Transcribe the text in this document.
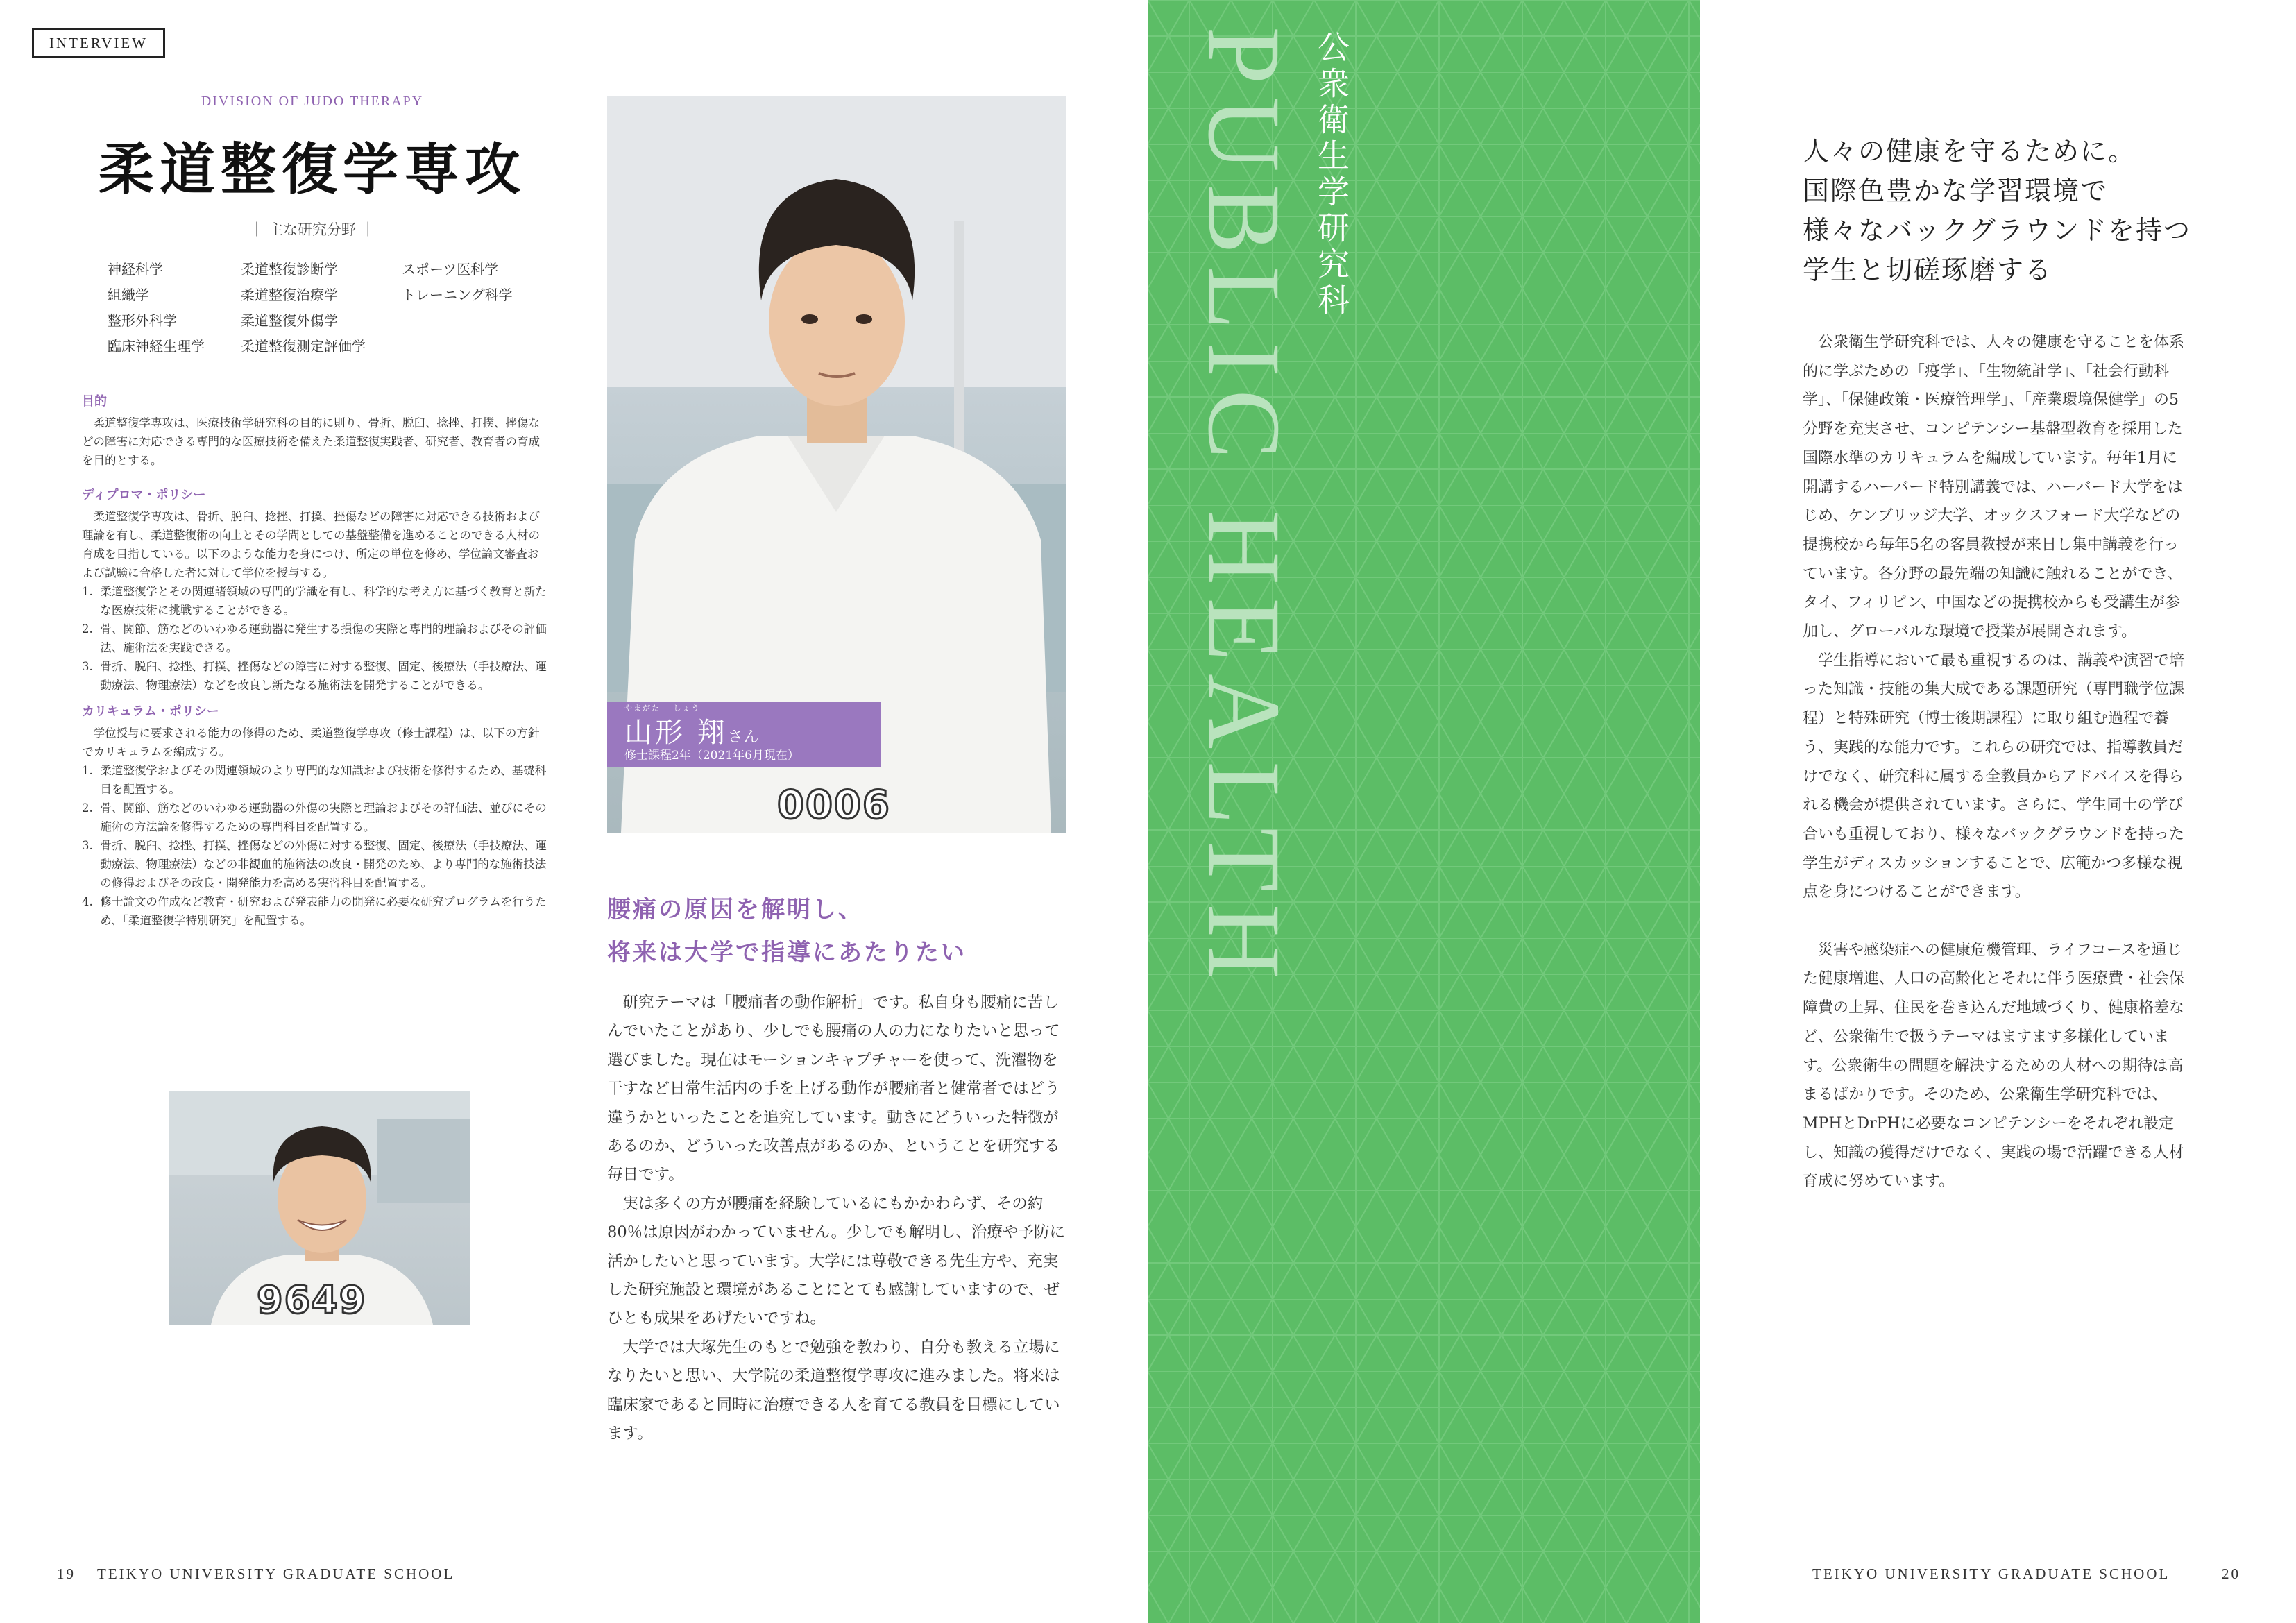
INTERVIEW
DIVISION OF JUDO THERAPY
柔道整復学専攻
｜ 主な研究分野 ｜
神経科学	柔道整復診断学	スポーツ医科学
組織学	柔道整復治療学	トレーニング科学
整形外科学	柔道整復外傷学
臨床神経生理学	柔道整復測定評価学
目的

柔道整復学専攻は、医療技術学研究科の目的に則り、骨折、脱臼、捻挫、打撲、挫傷などの障害に対応できる専門的な医療技術を備えた柔道整復実践者、研究者、教育者の育成を目的とする。

ディプロマ・ポリシー

柔道整復学専攻は、骨折、脱臼、捻挫、打撲、挫傷などの障害に対応できる技術および理論を有し、柔道整復術の向上とその学問としての基盤整備を進めることのできる人材の育成を目指している。以下のような能力を身につけ、所定の単位を修め、学位論文審査および試験に合格した者に対して学位を授与する。

1. 柔道整復学とその関連諸領域の専門的学識を有し、科学的な考え方に基づく教育と新たな医療技術に挑戦することができる。
2. 骨、関節、筋などのいわゆる運動器に発生する損傷の実際と専門的理論およびその評価法、施術法を実践できる。
3. 骨折、脱臼、捻挫、打撲、挫傷などの障害に対する整復、固定、後療法（手技療法、運動療法、物理療法）などを改良し新たなる施術法を開発することができる。
カリキュラム・ポリシー

学位授与に要求される能力の修得のため、柔道整復学専攻（修士課程）は、以下の方針でカリキュラムを編成する。

1. 柔道整復学およびその関連領域のより専門的な知識および技術を修得するため、基礎科目を配置する。
2. 骨、関節、筋などのいわゆる運動器の外傷の実際と理論およびその評価法、並びにその施術の方法論を修得するための専門科目を配置する。
3. 骨折、脱臼、捻挫、打撲、挫傷などの外傷に対する整復、固定、後療法（手技療法、運動療法、物理療法）などの非観血的施術法の改良・開発のため、より専門的な施術技法の修得およびその改良・開発能力を高める実習科目を配置する。
4. 修士論文の作成など教育・研究および発表能力の開発に必要な研究プログラムを行うため、「柔道整復学特別研究」を配置する。
9649
やまがた　 しょう
山形 翔さん
修士課程2年（2021年6月現在）
0006
腰痛の原因を解明し、
将来は大学で指導にあたりたい

研究テーマは「腰痛者の動作解析」です。私自身も腰痛に苦しんでいたことがあり、少しでも腰痛の人の力になりたいと思って選びました。現在はモーションキャプチャーを使って、洗濯物を干すなど日常生活内の手を上げる動作が腰痛者と健常者ではどう違うかといったことを追究しています。動きにどういった特徴があるのか、どういった改善点があるのか、ということを研究する毎日です。

実は多くの方が腰痛を経験しているにもかかわらず、その約80％は原因がわかっていません。少しでも解明し、治療や予防に活かしたいと思っています。大学には尊敬できる先生方や、充実した研究施設と環境があることにとても感謝していますので、ぜひとも成果をあげたいですね。

大学では大塚先生のもとで勉強を教わり、自分も教える立場になりたいと思い、大学院の柔道整復学専攻に進みました。将来は臨床家であると同時に治療できる人を育てる教員を目標にしています。

19 TEIKYO UNIVERSITY GRADUATE SCHOOL
PUBLIC HEALTH 公衆衛生学研究科	人々の健康を守るために。
国際色豊かな学習環境で
様々なバックグラウンドを持つ
学生と切磋琢磨する

公衆衛生学研究科では、人々の健康を守ることを体系的に学ぶための「疫学」、「生物統計学」、「社会行動科学」、「保健政策・医療管理学」、「産業環境保健学」の5分野を充実させ、コンピテンシー基盤型教育を採用した国際水準のカリキュラムを編成しています。毎年1月に開講するハーバード特別講義では、ハーバード大学をはじめ、ケンブリッジ大学、オックスフォード大学などの提携校から毎年5名の客員教授が来日し集中講義を行っています。各分野の最先端の知識に触れることができ、タイ、フィリピン、中国などの提携校からも受講生が参加し、グローバルな環境で授業が展開されます。

学生指導において最も重視するのは、講義や演習で培った知識・技能の集大成である課題研究（専門職学位課程）と特殊研究（博士後期課程）に取り組む過程で養う、実践的な能力です。これらの研究では、指導教員だけでなく、研究科に属する全教員からアドバイスを得られる機会が提供されています。さらに、学生同士の学び合いも重視しており、様々なバックグラウンドを持った学生がディスカッションすることで、広範かつ多様な視点を身につけることができます。

災害や感染症への健康危機管理、ライフコースを通じた健康増進、人口の高齢化とそれに伴う医療費・社会保障費の上昇、住民を巻き込んだ地域づくり、健康格差など、公衆衛生で扱うテーマはますます多様化しています。公衆衛生の問題を解決するための人材への期待は高まるばかりです。そのため、公衆衛生学研究科では、MPHとDrPHに必要なコンピテンシーをそれぞれ設定し、知識の獲得だけでなく、実践の場で活躍できる人材育成に努めています。

TEIKYO UNIVERSITY GRADUATE SCHOOL	20
